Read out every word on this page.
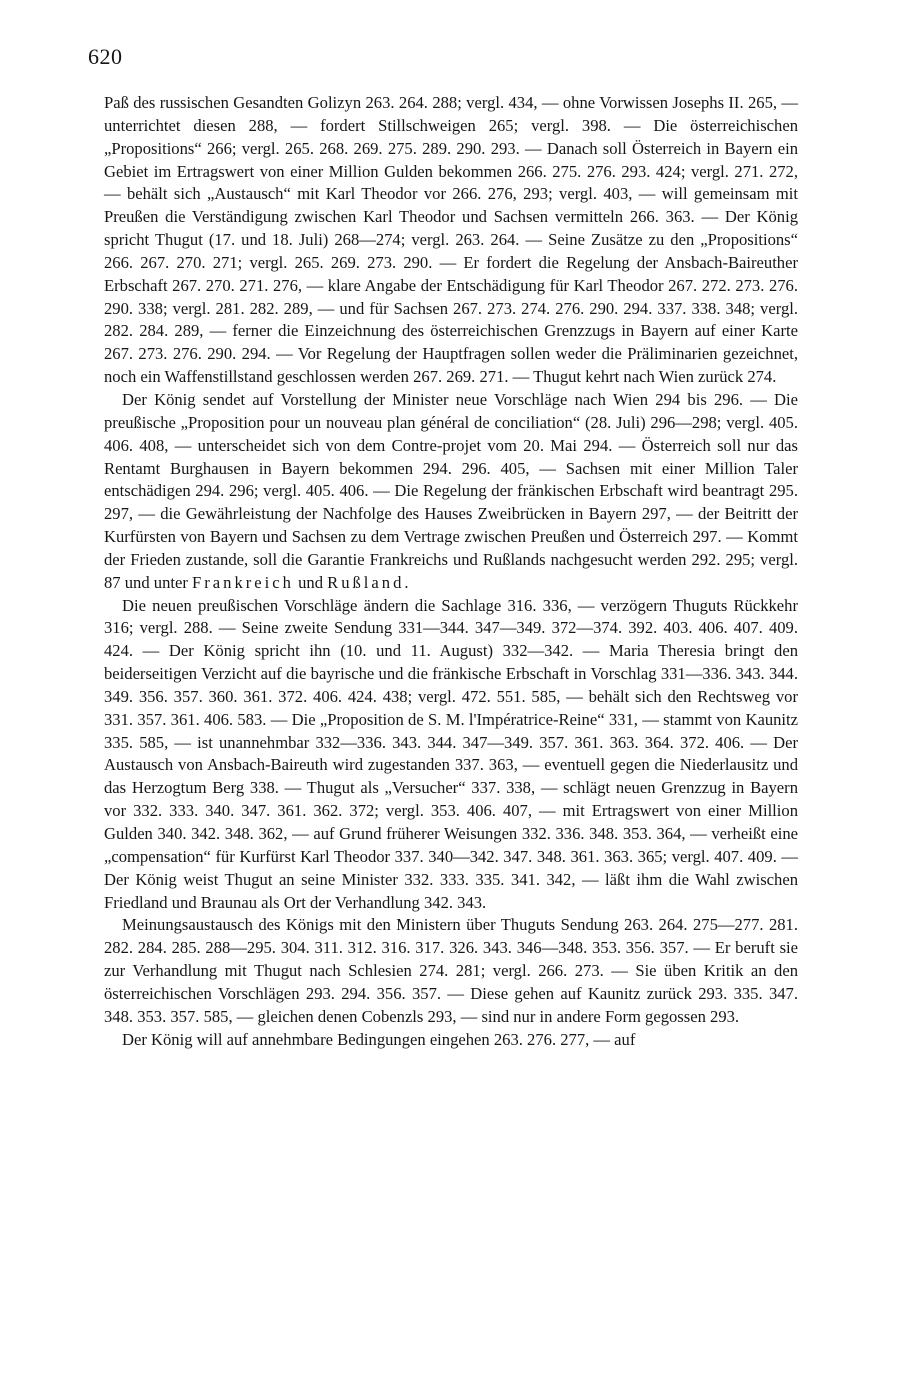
620

Paß des russischen Gesandten Golizyn 263. 264. 288; vergl. 434, — ohne Vorwissen Josephs II. 265, — unterrichtet diesen 288, — fordert Stillschweigen 265; vergl. 398. — Die österreichischen „Propositions“ 266; vergl. 265. 268. 269. 275. 289. 290. 293. — Danach soll Österreich in Bayern ein Gebiet im Ertragswert von einer Million Gulden bekommen 266. 275. 276. 293. 424; vergl. 271. 272, — behält sich „Austausch“ mit Karl Theodor vor 266. 276, 293; vergl. 403, — will gemeinsam mit Preußen die Verständigung zwischen Karl Theodor und Sachsen vermitteln 266. 363. — Der König spricht Thugut (17. und 18. Juli) 268—274; vergl. 263. 264. — Seine Zusätze zu den „Propositions“ 266. 267. 270. 271; vergl. 265. 269. 273. 290. — Er fordert die Regelung der Ansbach-Baireuther Erbschaft 267. 270. 271. 276, — klare Angabe der Entschädigung für Karl Theodor 267. 272. 273. 276. 290. 338; vergl. 281. 282. 289, — und für Sachsen 267. 273. 274. 276. 290. 294. 337. 338. 348; vergl. 282. 284. 289, — ferner die Einzeichnung des österreichischen Grenzzugs in Bayern auf einer Karte 267. 273. 276. 290. 294. — Vor Regelung der Hauptfragen sollen weder die Präliminarien gezeichnet, noch ein Waffenstillstand geschlossen werden 267. 269. 271. — Thugut kehrt nach Wien zurück 274.

Der König sendet auf Vorstellung der Minister neue Vorschläge nach Wien 294 bis 296. — Die preußische „Proposition pour un nouveau plan général de conciliation“ (28. Juli) 296—298; vergl. 405. 406. 408, — unterscheidet sich von dem Contre-projet vom 20. Mai 294. — Österreich soll nur das Rentamt Burghausen in Bayern bekommen 294. 296. 405, — Sachsen mit einer Million Taler entschädigen 294. 296; vergl. 405. 406. — Die Regelung der fränkischen Erbschaft wird beantragt 295. 297, — die Gewährleistung der Nachfolge des Hauses Zweibrücken in Bayern 297, — der Beitritt der Kurfürsten von Bayern und Sachsen zu dem Vertrage zwischen Preußen und Österreich 297. — Kommt der Frieden zustande, soll die Garantie Frankreichs und Rußlands nachgesucht werden 292. 295; vergl. 87 und unter Frankreich und Rußland.

Die neuen preußischen Vorschläge ändern die Sachlage 316. 336, — verzögern Thuguts Rückkehr 316; vergl. 288. — Seine zweite Sendung 331—344. 347—349. 372—374. 392. 403. 406. 407. 409. 424. — Der König spricht ihn (10. und 11. August) 332—342. — Maria Theresia bringt den beiderseitigen Verzicht auf die bayrische und die fränkische Erbschaft in Vorschlag 331—336. 343. 344. 349. 356. 357. 360. 361. 372. 406. 424. 438; vergl. 472. 551. 585, — behält sich den Rechtsweg vor 331. 357. 361. 406. 583. — Die „Proposition de S. M. l'Impératrice-Reine“ 331, — stammt von Kaunitz 335. 585, — ist unannehmbar 332—336. 343. 344. 347—349. 357. 361. 363. 364. 372. 406. — Der Austausch von Ansbach-Baireuth wird zugestanden 337. 363, — eventuell gegen die Niederlausitz und das Herzogtum Berg 338. — Thugut als „Versucher“ 337. 338, — schlägt neuen Grenzzug in Bayern vor 332. 333. 340. 347. 361. 362. 372; vergl. 353. 406. 407, — mit Ertragswert von einer Million Gulden 340. 342. 348. 362, — auf Grund früherer Weisungen 332. 336. 348. 353. 364, — verheißt eine „compensation“ für Kurfürst Karl Theodor 337. 340—342. 347. 348. 361. 363. 365; vergl. 407. 409. — Der König weist Thugut an seine Minister 332. 333. 335. 341. 342, — läßt ihm die Wahl zwischen Friedland und Braunau als Ort der Verhandlung 342. 343.

Meinungsaustausch des Königs mit den Ministern über Thuguts Sendung 263. 264. 275—277. 281. 282. 284. 285. 288—295. 304. 311. 312. 316. 317. 326. 343. 346—348. 353. 356. 357. — Er beruft sie zur Verhandlung mit Thugut nach Schlesien 274. 281; vergl. 266. 273. — Sie üben Kritik an den österreichischen Vorschlägen 293. 294. 356. 357. — Diese gehen auf Kaunitz zurück 293. 335. 347. 348. 353. 357. 585, — gleichen denen Cobenzls 293, — sind nur in andere Form gegossen 293.

Der König will auf annehmbare Bedingungen eingehen 263. 276. 277, — auf
